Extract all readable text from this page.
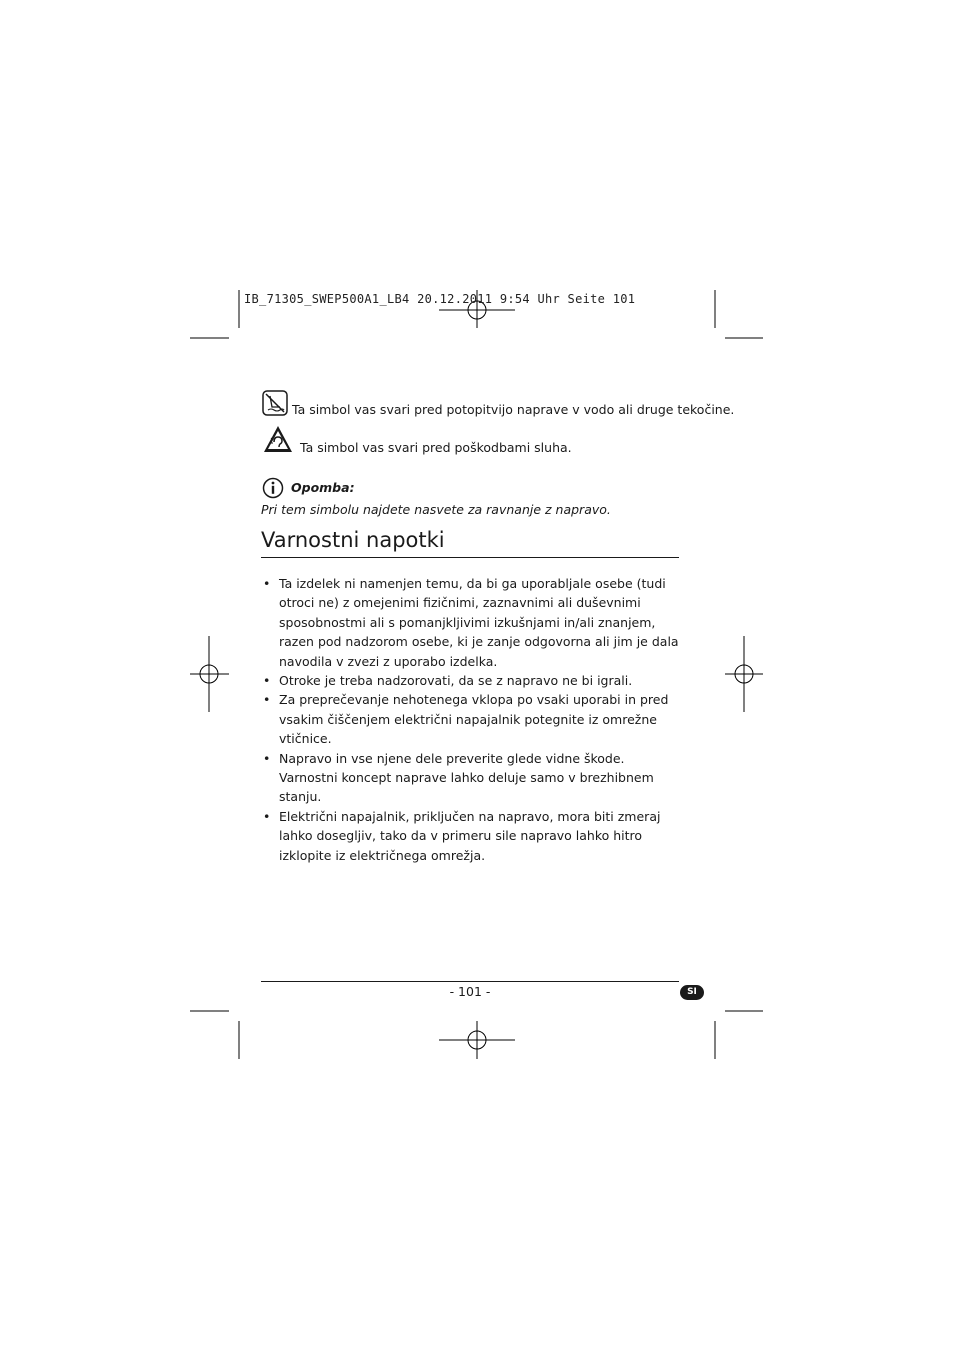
IB_71305_SWEP500A1_LB4 20.12.2011 9:54 Uhr Seite 101
Ta simbol vas svari pred potopitvijo naprave v vodo ali druge tekočine.
Ta simbol vas svari pred poškodbami sluha.
Opomba:
Pri tem simbolu najdete nasvete za ravnanje z napravo.
Varnostni napotki
• Ta izdelek ni namenjen temu, da bi ga uporabljale osebe (tudi otroci ne) z omejenimi fizičnimi, zaznavnimi ali duševnimi sposobnostmi ali s pomanjkljivimi izkušnjami in/ali znanjem, razen pod nadzorom osebe, ki je zanje odgovorna ali jim je dala navodila v zvezi z uporabo izdelka.
• Otroke je treba nadzorovati, da se z napravo ne bi igrali.
• Za preprečevanje nehotenega vklopa po vsaki uporabi in pred vsakim čiščenjem električni napajalnik potegnite iz omrežne vtičnice.
• Napravo in vse njene dele preverite glede vidne škode. Varnostni koncept naprave lahko deluje samo v brezhibnem stanju.
• Električni napajalnik, priključen na napravo, mora biti zmeraj lahko dosegljiv, tako da v primeru sile napravo lahko hitro izklopite iz električnega omrežja.
- 101 -	SI
